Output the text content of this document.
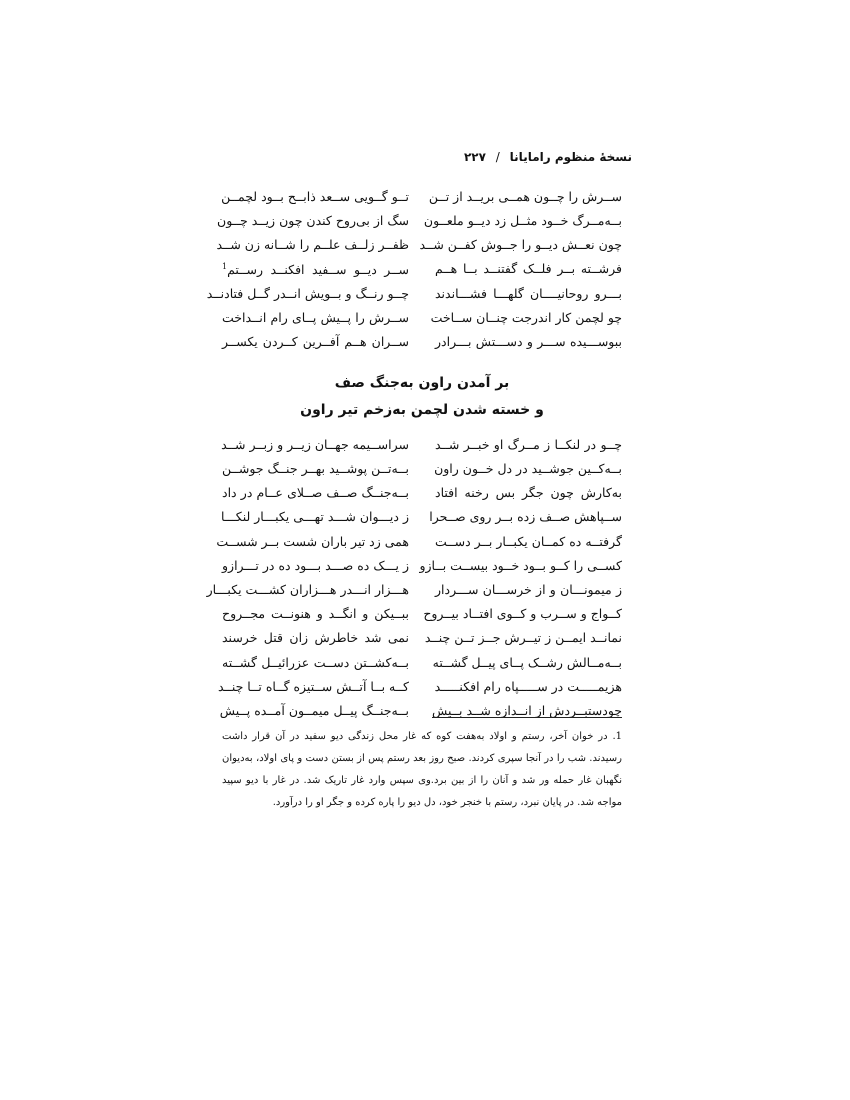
نسخهٔ منظوم رامایانا / ۲۲۷
ســرش را چــون همــی بریــد از تــن
تــو گــویی ســعد ذابــح بــود لچمــن
بــه‌مــرگ خــود مثــل زد دیــو ملعــون
سگ از بی‌روح کندن چون زیــد چــون
چون نعــش دیــو را جــوش کفــن شــد
ظفــر زلــف علــم را شــانه زن شــد
فرشــته بــر فلــک گفتنــد بــا هــم
ســر دیــو ســفید افکنــد رســتم$^1$
بـــرو روحانیــــان گلهـــا فشـــاندند
چــو رنــگ و بــویش انــدر گــل فتادنــد
چو لچمن کار اندرجت چنــان ســاخت
ســرش را پــیش پــای رام انــداخت
ببوســـیده ســـر و دســـتش بـــرادر
ســران هــم آفــرین کــردن یکســر
بر آمدن راون به‌جنگ صف
و خسته شدن لچمن به‌زخم تیر راون
چــو در لنکــا ز مــرگ او خبــر شــد
سراســیمه جهــان زیــر و زبــر شــد
بــه‌کــین جوشــید در دل خــون راون
بــه‌تــن پوشــید بهــر جنــگ جوشــن
به‌کارش چون جگر بس رخنه افتاد
بــه‌جنــگ صــف صــلای عــام در داد
ســپاهش صــف زده بــر روی صــحرا
ز دیـــوان شـــد تهـــی یکبـــار لنکـــا
گرفتــه ده کمــان یکبــار بــر دســت
همی زد تیر باران شست بــر شســت
کســی را کــو بــود خــود بیســت بــازو
ز یـــک ده صـــد بـــود ده در تـــرازو
ز میمونـــان و از خرســـان ســـردار
هـــزار انـــدر هـــزاران کشـــت یکبـــار
کــواج و ســرب و کــوی افتــاد بیــروح
ببــیکن و انگــد و هنونــت مجــروح
نمانــد ایمــن ز تیــرش جــز تــن چنــد
نمی شد خاطرش زان قتل خرسند
بــه‌مــالش رشــک پــای پیــل گشــته
بــه‌کشــتن دســت عزرائیــل گشــته
هزیمـــــت در ســـــپاه رام افکنـــــد
کــه بــا آتــش ســتیزه گــاه تــا چنــد
چودستبــردش از انــدازه شــد بــیش
بــه‌جنــگ پیــل میمــون آمــده پــیش
1. در خوان آخر، رستم و اولاد به‌هفت کوه که غار محل زندگی دیو سفید در آن قرار داشت رسیدند. شب را در آنجا سپری کردند. صبح روز بعد رستم پس از بستن دست و پای اولاد، به‌دیوان نگهبان غار حمله ور شد و آنان را از بین برد.وی سپس وارد غار تاریک شد. در غار با دیو سپید مواجه شد. در پایان نبرد، رستم با خنجر خود، دل دیو را پاره کرده و جگر او را درآورد.
